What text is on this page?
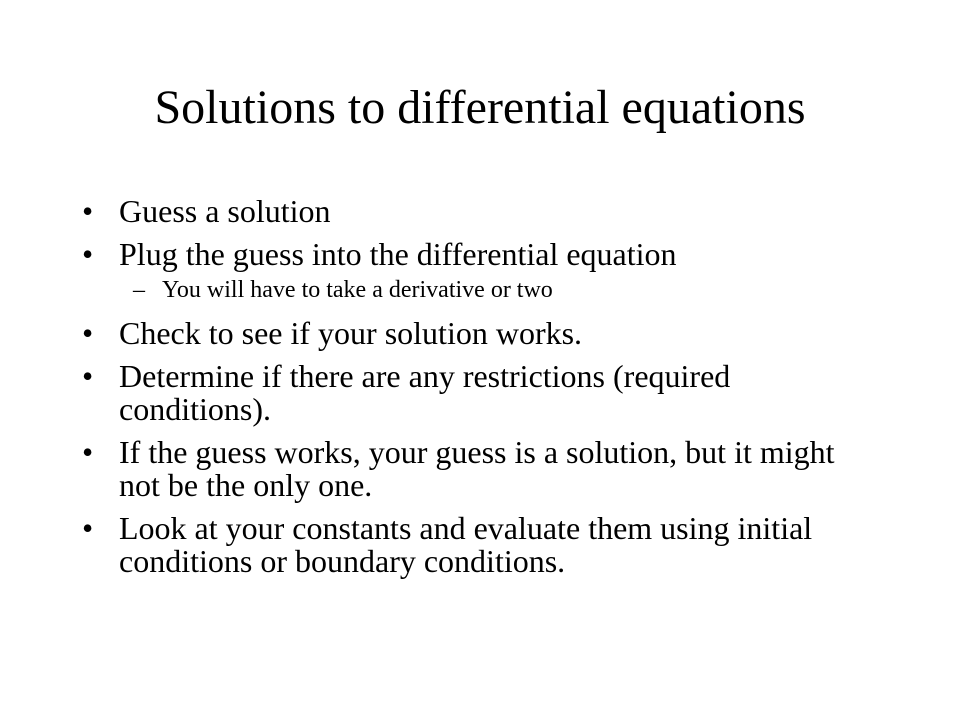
Solutions to differential equations
• Guess a solution
• Plug the guess into the differential equation
– You will have to take a derivative or two
• Check to see if your solution works.
• Determine if there are any restrictions (required conditions).
• If the guess works, your guess is a solution, but it might not be the only one.
• Look at your constants and evaluate them using initial conditions or boundary conditions.
